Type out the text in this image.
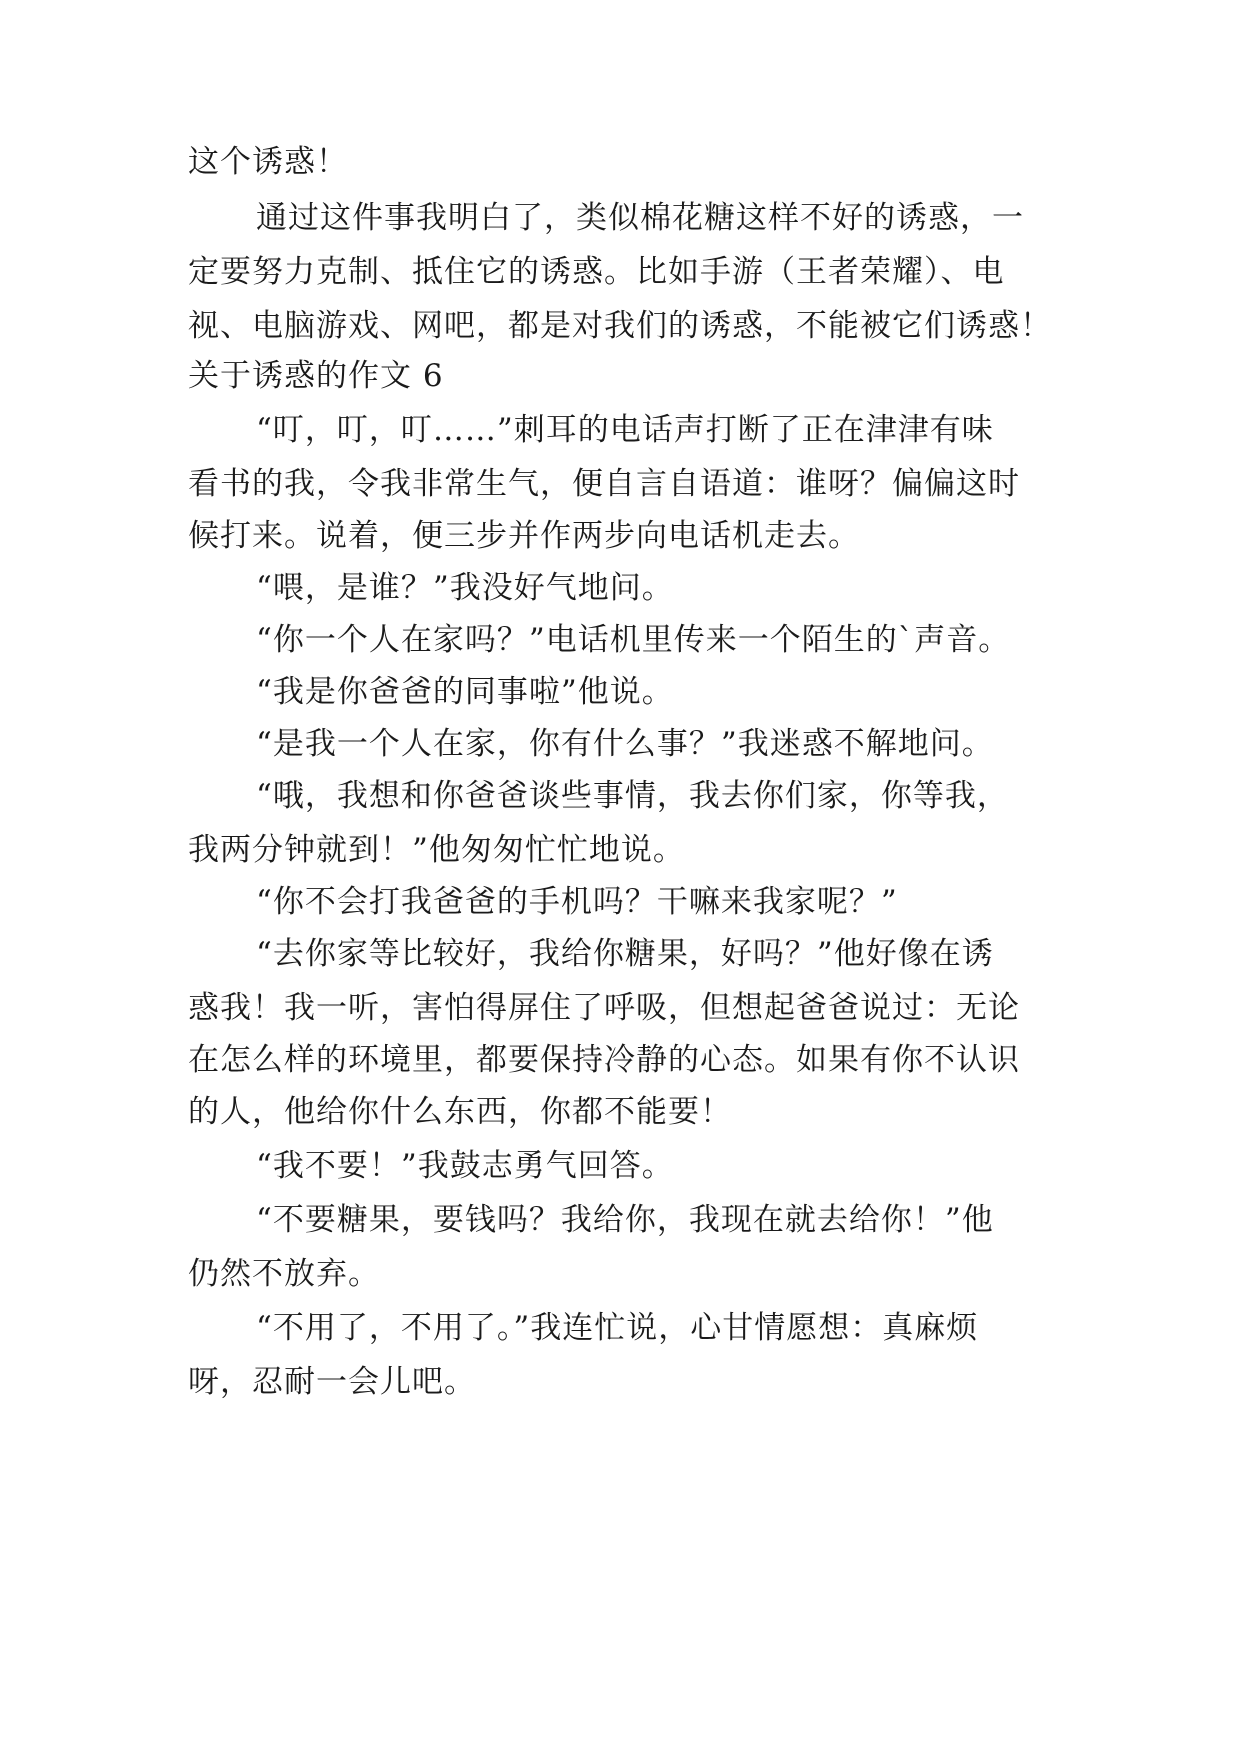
这个诱惑！
通过这件事我明白了，类似棉花糖这样不好的诱惑，一
定要努力克制、抵住它的诱惑。比如手游（王者荣耀）、电
视、电脑游戏、网吧，都是对我们的诱惑，不能被它们诱惑！
关于诱惑的作文 6
“叮，叮，叮……”刺耳的电话声打断了正在津津有味
看书的我，令我非常生气，便自言自语道：谁呀？偏偏这时
候打来。说着，便三步并作两步向电话机走去。
“喂，是谁？”我没好气地问。
“你一个人在家吗？”电话机里传来一个陌生的`声音。
“我是你爸爸的同事啦”他说。
“是我一个人在家，你有什么事？”我迷惑不解地问。
“哦，我想和你爸爸谈些事情，我去你们家，你等我，
我两分钟就到！”他匆匆忙忙地说。
“你不会打我爸爸的手机吗？干嘛来我家呢？”
“去你家等比较好，我给你糖果，好吗？”他好像在诱
惑我！我一听，害怕得屏住了呼吸，但想起爸爸说过：无论
在怎么样的环境里，都要保持冷静的心态。如果有你不认识
的人，他给你什么东西，你都不能要！
“我不要！”我鼓志勇气回答。
“不要糖果，要钱吗？我给你，我现在就去给你！”他
仍然不放弃。
“不用了，不用了。”我连忙说，心甘情愿想：真麻烦
呀，忍耐一会儿吧。
